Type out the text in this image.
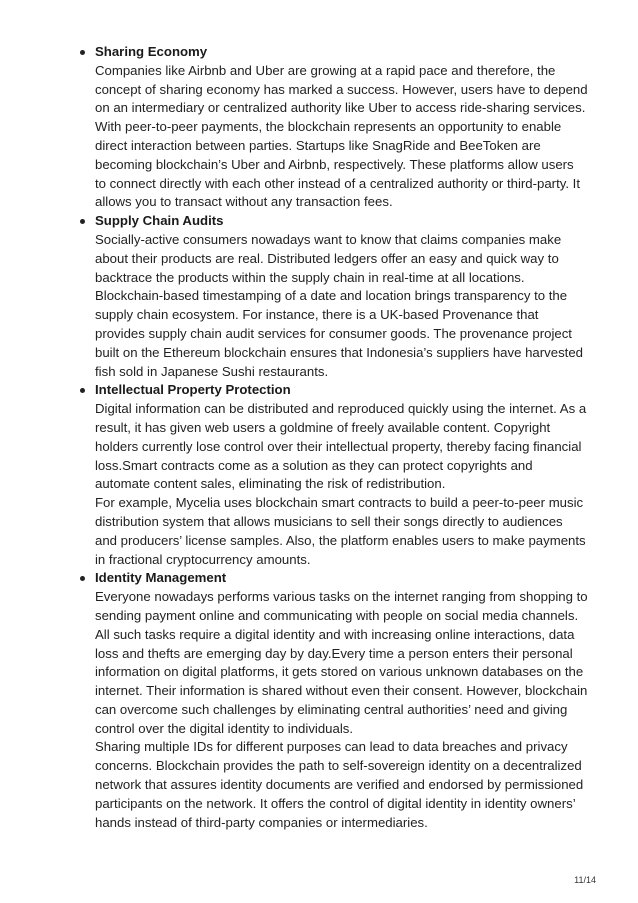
Sharing Economy
Companies like Airbnb and Uber are growing at a rapid pace and therefore, the concept of sharing economy has marked a success. However, users have to depend on an intermediary or centralized authority like Uber to access ride-sharing services. With peer-to-peer payments, the blockchain represents an opportunity to enable direct interaction between parties. Startups like SnagRide and BeeToken are becoming blockchain’s Uber and Airbnb, respectively. These platforms allow users to connect directly with each other instead of a centralized authority or third-party. It allows you to transact without any transaction fees.
Supply Chain Audits
Socially-active consumers nowadays want to know that claims companies make about their products are real. Distributed ledgers offer an easy and quick way to backtrace the products within the supply chain in real-time at all locations. Blockchain-based timestamping of a date and location brings transparency to the supply chain ecosystem. For instance, there is a UK-based Provenance that provides supply chain audit services for consumer goods. The provenance project built on the Ethereum blockchain ensures that Indonesia’s suppliers have harvested fish sold in Japanese Sushi restaurants.
Intellectual Property Protection
Digital information can be distributed and reproduced quickly using the internet. As a result, it has given web users a goldmine of freely available content. Copyright holders currently lose control over their intellectual property, thereby facing financial loss.Smart contracts come as a solution as they can protect copyrights and automate content sales, eliminating the risk of redistribution.
For example, Mycelia uses blockchain smart contracts to build a peer-to-peer music distribution system that allows musicians to sell their songs directly to audiences and producers’ license samples. Also, the platform enables users to make payments in fractional cryptocurrency amounts.
Identity Management
Everyone nowadays performs various tasks on the internet ranging from shopping to sending payment online and communicating with people on social media channels. All such tasks require a digital identity and with increasing online interactions, data loss and thefts are emerging day by day.Every time a person enters their personal information on digital platforms, it gets stored on various unknown databases on the internet. Their information is shared without even their consent. However, blockchain can overcome such challenges by eliminating central authorities’ need and giving control over the digital identity to individuals.
Sharing multiple IDs for different purposes can lead to data breaches and privacy concerns. Blockchain provides the path to self-sovereign identity on a decentralized network that assures identity documents are verified and endorsed by permissioned participants on the network. It offers the control of digital identity in identity owners’ hands instead of third-party companies or intermediaries.
11/14
